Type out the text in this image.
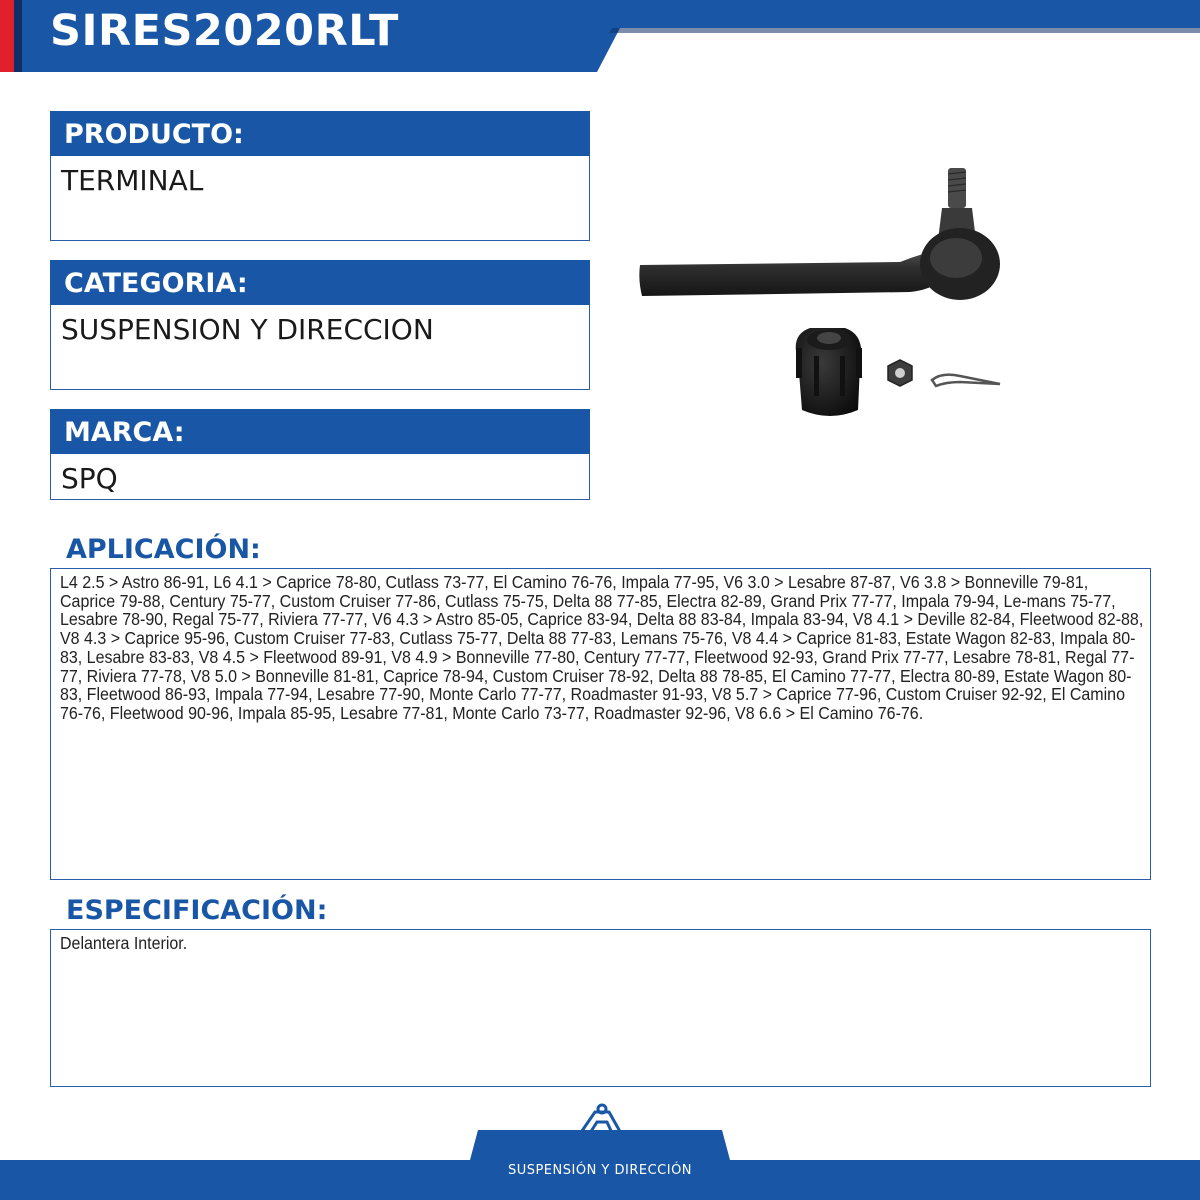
SIRES2020RLT
PRODUCTO:
TERMINAL
CATEGORIA:
SUSPENSION Y DIRECCION
MARCA:
SPQ
APLICACIÓN:
L4 2.5 > Astro 86-91, L6 4.1 > Caprice 78-80, Cutlass 73-77, El Camino 76-76, Impala 77-95, V6 3.0 > Lesabre 87-87, V6 3.8 > Bonneville 79-81, Caprice 79-88, Century 75-77, Custom Cruiser 77-86, Cutlass 75-75, Delta 88 77-85, Electra 82-89, Grand Prix 77-77, Impala 79-94, Le-mans 75-77, Lesabre 78-90, Regal 75-77, Riviera 77-77, V6 4.3 > Astro 85-05, Caprice 83-94, Delta 88 83-84, Impala 83-94, V8 4.1 > Deville 82-84, Fleetwood 82-88, V8 4.3 > Caprice 95-96, Custom Cruiser 77-83, Cutlass 75-77, Delta 88 77-83, Lemans 75-76, V8 4.4 > Caprice 81-83, Estate Wagon 82-83, Impala 80-83, Lesabre 83-83, V8 4.5 > Fleetwood 89-91, V8 4.9 > Bonneville 77-80, Century 77-77, Fleetwood 92-93, Grand Prix 77-77, Lesabre 78-81, Regal 77-77, Riviera 77-78, V8 5.0 > Bonneville 81-81, Caprice 78-94, Custom Cruiser 78-92, Delta 88 78-85, El Camino 77-77, Electra 80-89, Estate Wagon 80-83, Fleetwood 86-93, Impala 77-94, Lesabre 77-90, Monte Carlo 77-77, Roadmaster 91-93, V8 5.7 > Caprice 77-96, Custom Cruiser 92-92, El Camino 76-76, Fleetwood 90-96, Impala 85-95, Lesabre 77-81, Monte Carlo 73-77, Roadmaster 92-96, V8 6.6 > El Camino 76-76.
ESPECIFICACIÓN:
Delantera Interior.
SUSPENSIÓN Y DIRECCIÓN
